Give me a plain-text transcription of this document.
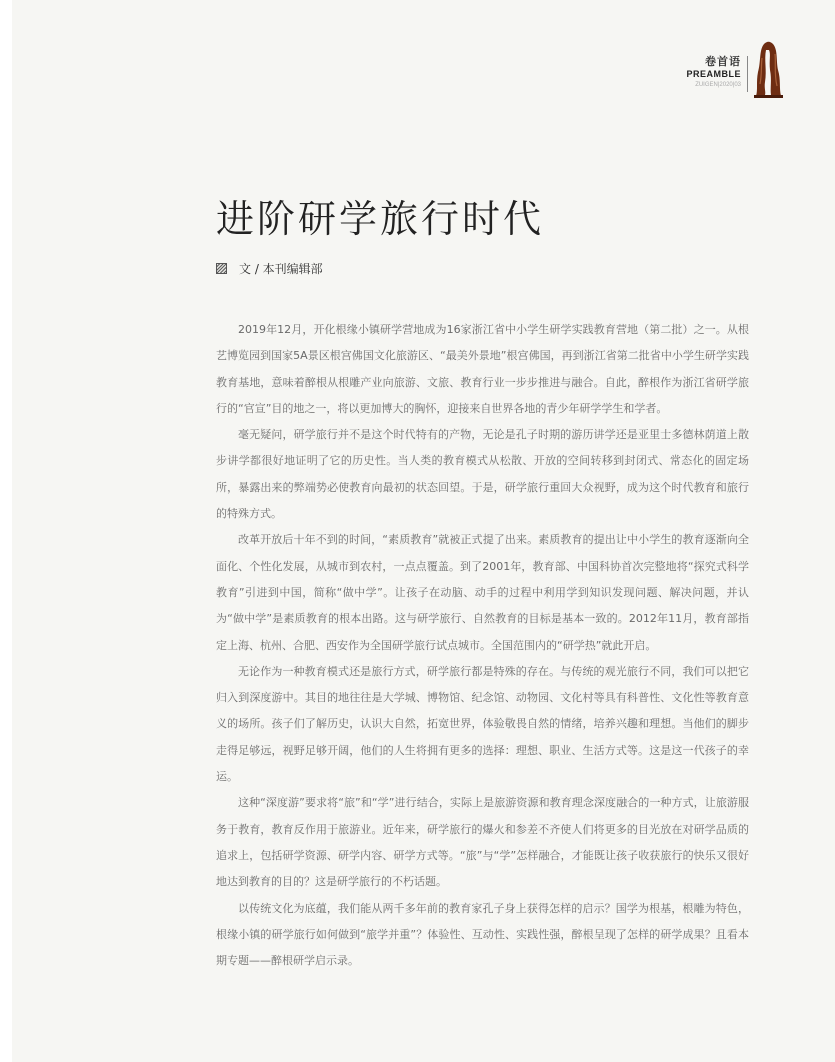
卷首语
PREAMBLE
ZUIGEN|2020|03
进阶研学旅行时代
文 / 本刊编辑部

2019年12月，开化根缘小镇研学营地成为16家浙江省中小学生研学实践教育营地（第二批）之一。从根艺博览园到国家5A景区根宫佛国文化旅游区、“最美外景地”根宫佛国，再到浙江省第二批省中小学生研学实践教育基地，意味着醉根从根雕产业向旅游、文旅、教育行业一步步推进与融合。自此，醉根作为浙江省研学旅行的“官宣”目的地之一，将以更加博大的胸怀，迎接来自世界各地的青少年研学学生和学者。

毫无疑问，研学旅行并不是这个时代特有的产物，无论是孔子时期的游历讲学还是亚里士多德林荫道上散步讲学都很好地证明了它的历史性。当人类的教育模式从松散、开放的空间转移到封闭式、常态化的固定场所，暴露出来的弊端势必使教育向最初的状态回望。于是，研学旅行重回大众视野，成为这个时代教育和旅行的特殊方式。

改革开放后十年不到的时间，“素质教育”就被正式提了出来。素质教育的提出让中小学生的教育逐渐向全面化、个性化发展，从城市到农村，一点点覆盖。到了2001年，教育部、中国科协首次完整地将“探究式科学教育”引进到中国，简称“做中学”。让孩子在动脑、动手的过程中利用学到知识发现问题、解决问题，并认为“做中学”是素质教育的根本出路。这与研学旅行、自然教育的目标是基本一致的。2012年11月，教育部指定上海、杭州、合肥、西安作为全国研学旅行试点城市。全国范围内的“研学热”就此开启。

无论作为一种教育模式还是旅行方式，研学旅行都是特殊的存在。与传统的观光旅行不同，我们可以把它归入到深度游中。其目的地往往是大学城、博物馆、纪念馆、动物园、文化村等具有科普性、文化性等教育意义的场所。孩子们了解历史，认识大自然，拓宽世界，体验敬畏自然的情绪，培养兴趣和理想。当他们的脚步走得足够远，视野足够开阔，他们的人生将拥有更多的选择：理想、职业、生活方式等。这是这一代孩子的幸运。

这种“深度游”要求将“旅”和“学”进行结合，实际上是旅游资源和教育理念深度融合的一种方式，让旅游服务于教育，教育反作用于旅游业。近年来，研学旅行的爆火和参差不齐使人们将更多的目光放在对研学品质的追求上，包括研学资源、研学内容、研学方式等。“旅”与“学”怎样融合，才能既让孩子收获旅行的快乐又很好地达到教育的目的？这是研学旅行的不朽话题。

以传统文化为底蕴，我们能从两千多年前的教育家孔子身上获得怎样的启示？国学为根基，根雕为特色，根缘小镇的研学旅行如何做到“旅学并重”？体验性、互动性、实践性强，醉根呈现了怎样的研学成果？且看本期专题——醉根研学启示录。
